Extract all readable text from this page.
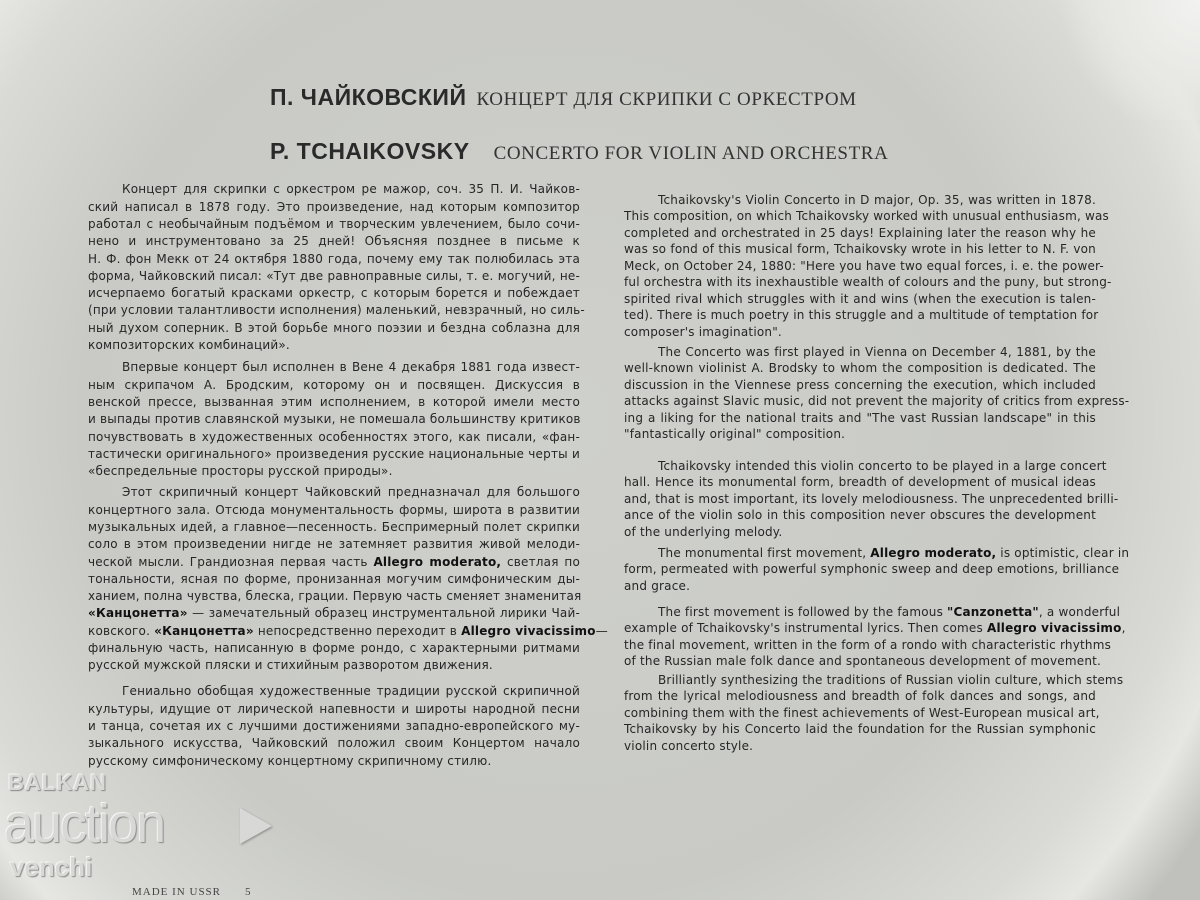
П. ЧАЙКОВСКИЙ КОНЦЕРТ ДЛЯ СКРИПКИ С ОРКЕСТРОМ
P. TCHAIKOVSKY CONCERTO FOR VIOLIN AND ORCHESTRA
Концерт для скрипки с оркестром ре мажор, соч. 35 П. И. Чайков-
ский написал в 1878 году. Это произведение, над которым композитор
работал с необычайным подъёмом и творческим увлечением, было сочи-
нено и инструментовано за 25 дней! Объясняя позднее в письме к
Н. Ф. фон Мекк от 24 октября 1880 года, почему ему так полюбилась эта
форма, Чайковский писал: «Тут две равноправные силы, т. е. могучий, не-
исчерпаемо богатый красками оркестр, с которым борется и побеждает
(при условии талантливости исполнения) маленький, невзрачный, но силь-
ный духом соперник. В этой борьбе много поэзии и бездна соблазна для
композиторских комбинаций».
Впервые концерт был исполнен в Вене 4 декабря 1881 года извест-
ным скрипачом А. Бродским, которому он и посвящен. Дискуссия в
венской прессе, вызванная этим исполнением, в которой имели место
и выпады против славянской музыки, не помешала большинству критиков
почувствовать в художественных особенностях этого, как писали, «фан-
тастически оригинального» произведения русские национальные черты и
«беспредельные просторы русской природы».
Этот скрипичный концерт Чайковский предназначал для большого
концертного зала. Отсюда монументальность формы, широта в развитии
музыкальных идей, а главное—песенность. Беспримерный полет скрипки
соло в этом произведении нигде не затемняет развития живой мелоди-
ческой мысли. Грандиозная первая часть Allegro moderato, светлая по
тональности, ясная по форме, пронизанная могучим симфоническим ды-
ханием, полна чувства, блеска, грации. Первую часть сменяет знаменитая
«Канцонетта» — замечательный образец инструментальной лирики Чай-
ковского. «Канцонетта» непосредственно переходит в Allegro vivacissimo—
финальную часть, написанную в форме рондо, с характерными ритмами
русской мужской пляски и стихийным разворотом движения.
Гениально обобщая художественные традиции русской скрипичной
культуры, идущие от лирической напевности и широты народной песни
и танца, сочетая их с лучшими достижениями западно-европейского му-
зыкального искусства, Чайковский положил своим Концертом начало
русскому симфоническому концертному скрипичному стилю.
Tchaikovsky's Violin Concerto in D major, Op. 35, was written in 1878.
This composition, on which Tchaikovsky worked with unusual enthusiasm, was
completed and orchestrated in 25 days! Explaining later the reason why he
was so fond of this musical form, Tchaikovsky wrote in his letter to N. F. von
Meck, on October 24, 1880: "Here you have two equal forces, i. e. the power-
ful orchestra with its inexhaustible wealth of colours and the puny, but strong-
spirited rival which struggles with it and wins (when the execution is talen-
ted). There is much poetry in this struggle and a multitude of temptation for
composer's imagination".
The Concerto was first played in Vienna on December 4, 1881, by the
well-known violinist A. Brodsky to whom the composition is dedicated. The
discussion in the Viennese press concerning the execution, which included
attacks against Slavic music, did not prevent the majority of critics from express-
ing a liking for the national traits and "The vast Russian landscape" in this
"fantastically original" composition.
Tchaikovsky intended this violin concerto to be played in a large concert
hall. Hence its monumental form, breadth of development of musical ideas
and, that is most important, its lovely melodiousness. The unprecedented brilli-
ance of the violin solo in this composition never obscures the development
of the underlying melody.
The monumental first movement, Allegro moderato, is optimistic, clear in
form, permeated with powerful symphonic sweep and deep emotions, brilliance
and grace.
The first movement is followed by the famous "Canzonetta", a wonderful
example of Tchaikovsky's instrumental lyrics. Then comes Allegro vivacissimo,
the final movement, written in the form of a rondo with characteristic rhythms
of the Russian male folk dance and spontaneous development of movement.
Brilliantly synthesizing the traditions of Russian violin culture, which stems
from the lyrical melodiousness and breadth of folk dances and songs, and
combining them with the finest achievements of West-European musical art,
Tchaikovsky by his Concerto laid the foundation for the Russian symphonic
violin concerto style.
BALKAN
auction
venchi
MADE IN USSR 5
